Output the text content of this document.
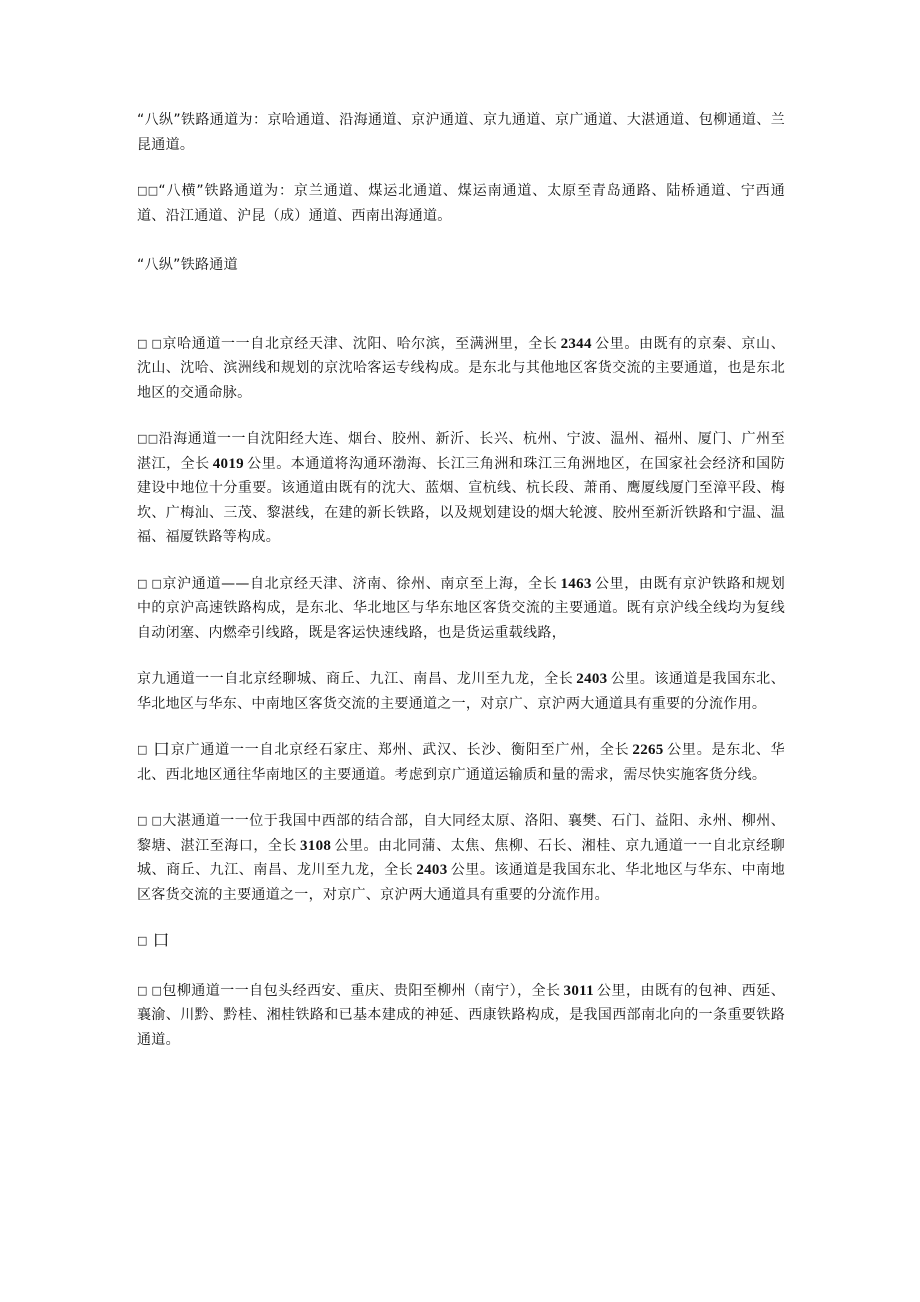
“八纵”铁路通道为：京哈通道、沿海通道、京沪通道、京九通道、京广通道、大湛通道、包柳通道、兰昆通道。

□□“八横”铁路通道为：京兰通道、煤运北通道、煤运南通道、太原至青岛通路、陆桥通道、宁西通道、沿江通道、沪昆（成）通道、西南出海通道。

“八纵”铁路通道

□ □京哈通道一一自北京经天津、沈阳、哈尔滨，至满洲里，全长 2344 公里。由既有的京秦、京山、沈山、沈哈、滨洲线和规划的京沈哈客运专线构成。是东北与其他地区客货交流的主要通道，也是东北地区的交通命脉。

□□沿海通道一一自沈阳经大连、烟台、胶州、新沂、长兴、杭州、宁波、温州、福州、厦门、广州至湛江，全长 4019 公里。本通道将沟通环渤海、长江三角洲和珠江三角洲地区，在国家社会经济和国防建设中地位十分重要。该通道由既有的沈大、蓝烟、宣杭线、杭长段、萧甬、鹰厦线厦门至漳平段、梅坎、广梅汕、三茂、黎湛线，在建的新长铁路，以及规划建设的烟大轮渡、胶州至新沂铁路和宁温、温福、福厦铁路等构成。

□ □京沪通道——自北京经天津、济南、徐州、南京至上海，全长 1463 公里，由既有京沪铁路和规划中的京沪高速铁路构成，是东北、华北地区与华东地区客货交流的主要通道。既有京沪线全线均为复线自动闭塞、内燃牵引线路，既是客运快速线路，也是货运重载线路，

京九通道一一自北京经聊城、商丘、九江、南昌、龙川至九龙，全长 2403 公里。该通道是我国东北、华北地区与华东、中南地区客货交流的主要通道之一，对京广、京沪两大通道具有重要的分流作用。

□ 口京广通道一一自北京经石家庄、郑州、武汉、长沙、衡阳至广州，全长 2265 公里。是东北、华北、西北地区通往华南地区的主要通道。考虑到京广通道运输质和量的需求，需尽快实施客货分线。

□ □大湛通道一一位于我国中西部的结合部，自大同经太原、洛阳、襄樊、石门、益阳、永州、柳州、黎塘、湛江至海口，全长 3108 公里。由北同蒲、太焦、焦柳、石长、湘桂、京九通道一一自北京经聊城、商丘、九江、南昌、龙川至九龙，全长 2403 公里。该通道是我国东北、华北地区与华东、中南地区客货交流的主要通道之一，对京广、京沪两大通道具有重要的分流作用。

□ 口

□ □包柳通道一一自包头经西安、重庆、贵阳至柳州（南宁），全长 3011 公里，由既有的包神、西延、襄渝、川黔、黔桂、湘桂铁路和已基本建成的神延、西康铁路构成，是我国西部南北向的一条重要铁路通道。
